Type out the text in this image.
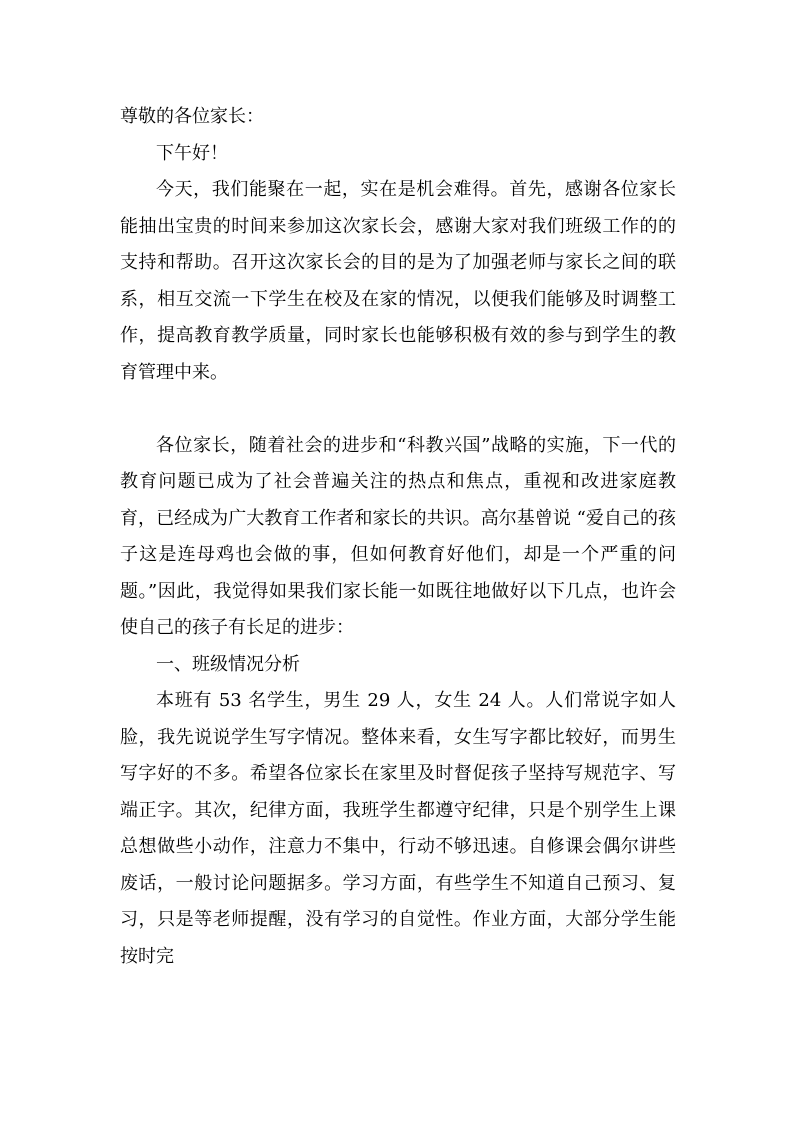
尊敬的各位家长：

下午好！

今天，我们能聚在一起，实在是机会难得。首先，感谢各位家长能抽出宝贵的时间来参加这次家长会，感谢大家对我们班级工作的的支持和帮助。召开这次家长会的目的是为了加强老师与家长之间的联系，相互交流一下学生在校及在家的情况，以便我们能够及时调整工作，提高教育教学质量，同时家长也能够积极有效的参与到学生的教育管理中来。

各位家长，随着社会的进步和“科教兴国”战略的实施，下一代的教育问题已成为了社会普遍关注的热点和焦点，重视和改进家庭教育，已经成为广大教育工作者和家长的共识。高尔基曾说 “爱自己的孩子这是连母鸡也会做的事，但如何教育好他们，却是一个严重的问题。”因此，我觉得如果我们家长能一如既往地做好以下几点，也许会使自己的孩子有长足的进步：

一、班级情况分析

本班有 53 名学生，男生 29 人，女生 24 人。人们常说字如人脸，我先说说学生写字情况。整体来看，女生写字都比较好，而男生写字好的不多。希望各位家长在家里及时督促孩子坚持写规范字、写端正字。其次，纪律方面，我班学生都遵守纪律，只是个别学生上课总想做些小动作，注意力不集中，行动不够迅速。自修课会偶尔讲些废话，一般讨论问题据多。学习方面，有些学生不知道自己预习、复习，只是等老师提醒，没有学习的自觉性。作业方面，大部分学生能按时完
